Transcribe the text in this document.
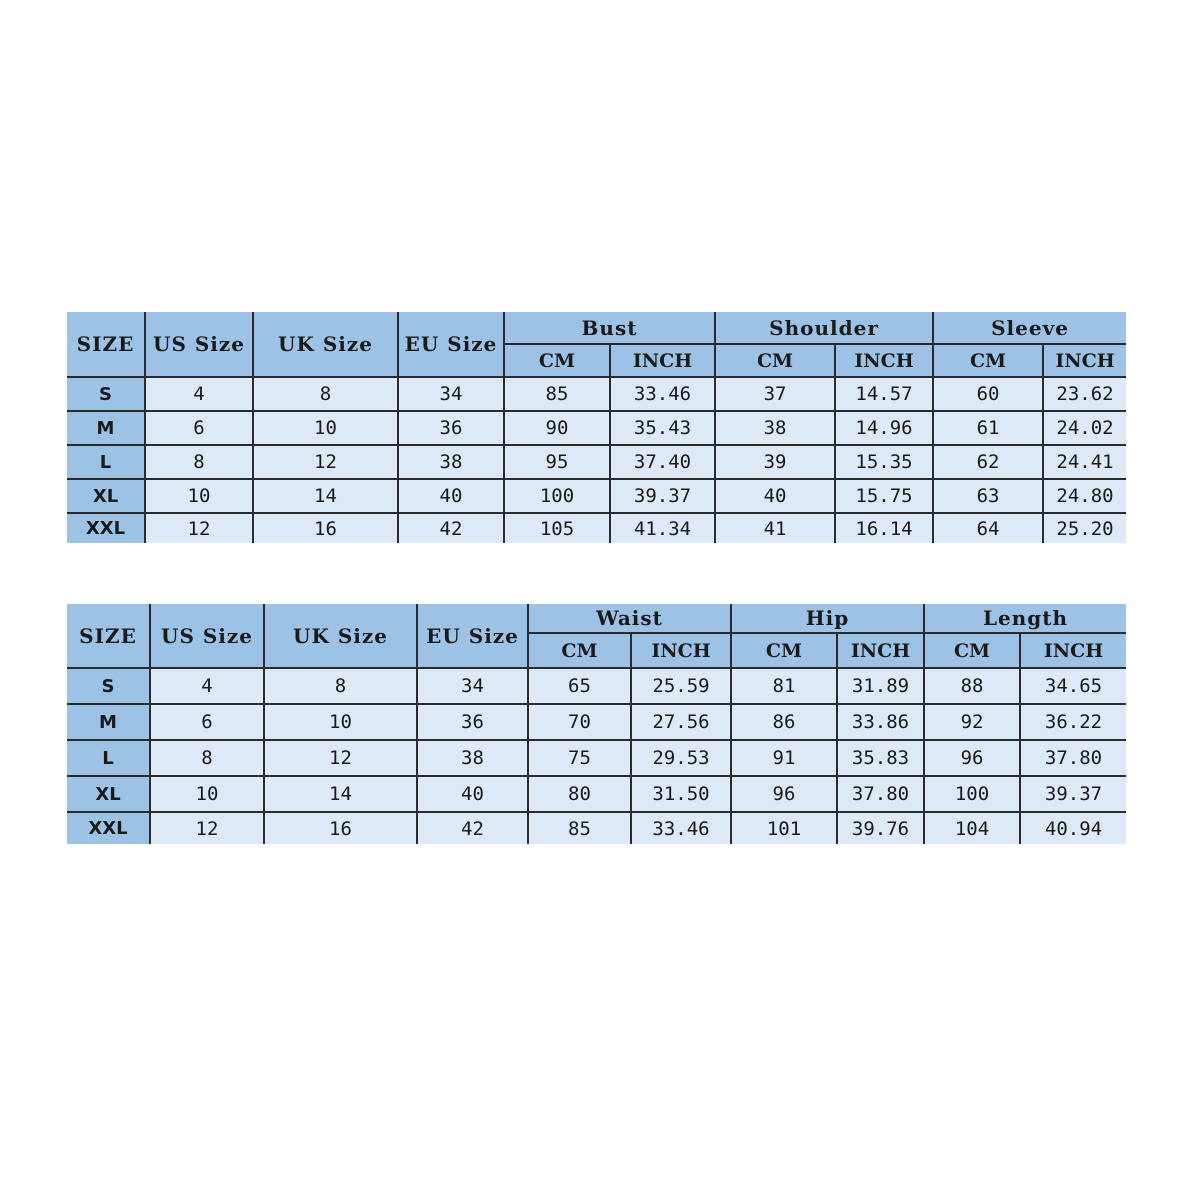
SIZE	US Size	UK Size	EU Size	Bust		Shoulder		Sleeve	
				CM	INCH	CM	INCH	CM	INCH
S	4	8	34	85	33.46	37	14.57	60	23.62
M	6	10	36	90	35.43	38	14.96	61	24.02
L	8	12	38	95	37.40	39	15.35	62	24.41
XL	10	14	40	100	39.37	40	15.75	63	24.80
XXL	12	16	42	105	41.34	41	16.14	64	25.20
SIZE	US Size	UK Size	EU Size	Waist		Hip		Length	
				CM	INCH	CM	INCH	CM	INCH
S	4	8	34	65	25.59	81	31.89	88	34.65
M	6	10	36	70	27.56	86	33.86	92	36.22
L	8	12	38	75	29.53	91	35.83	96	37.80
XL	10	14	40	80	31.50	96	37.80	100	39.37
XXL	12	16	42	85	33.46	101	39.76	104	40.94
